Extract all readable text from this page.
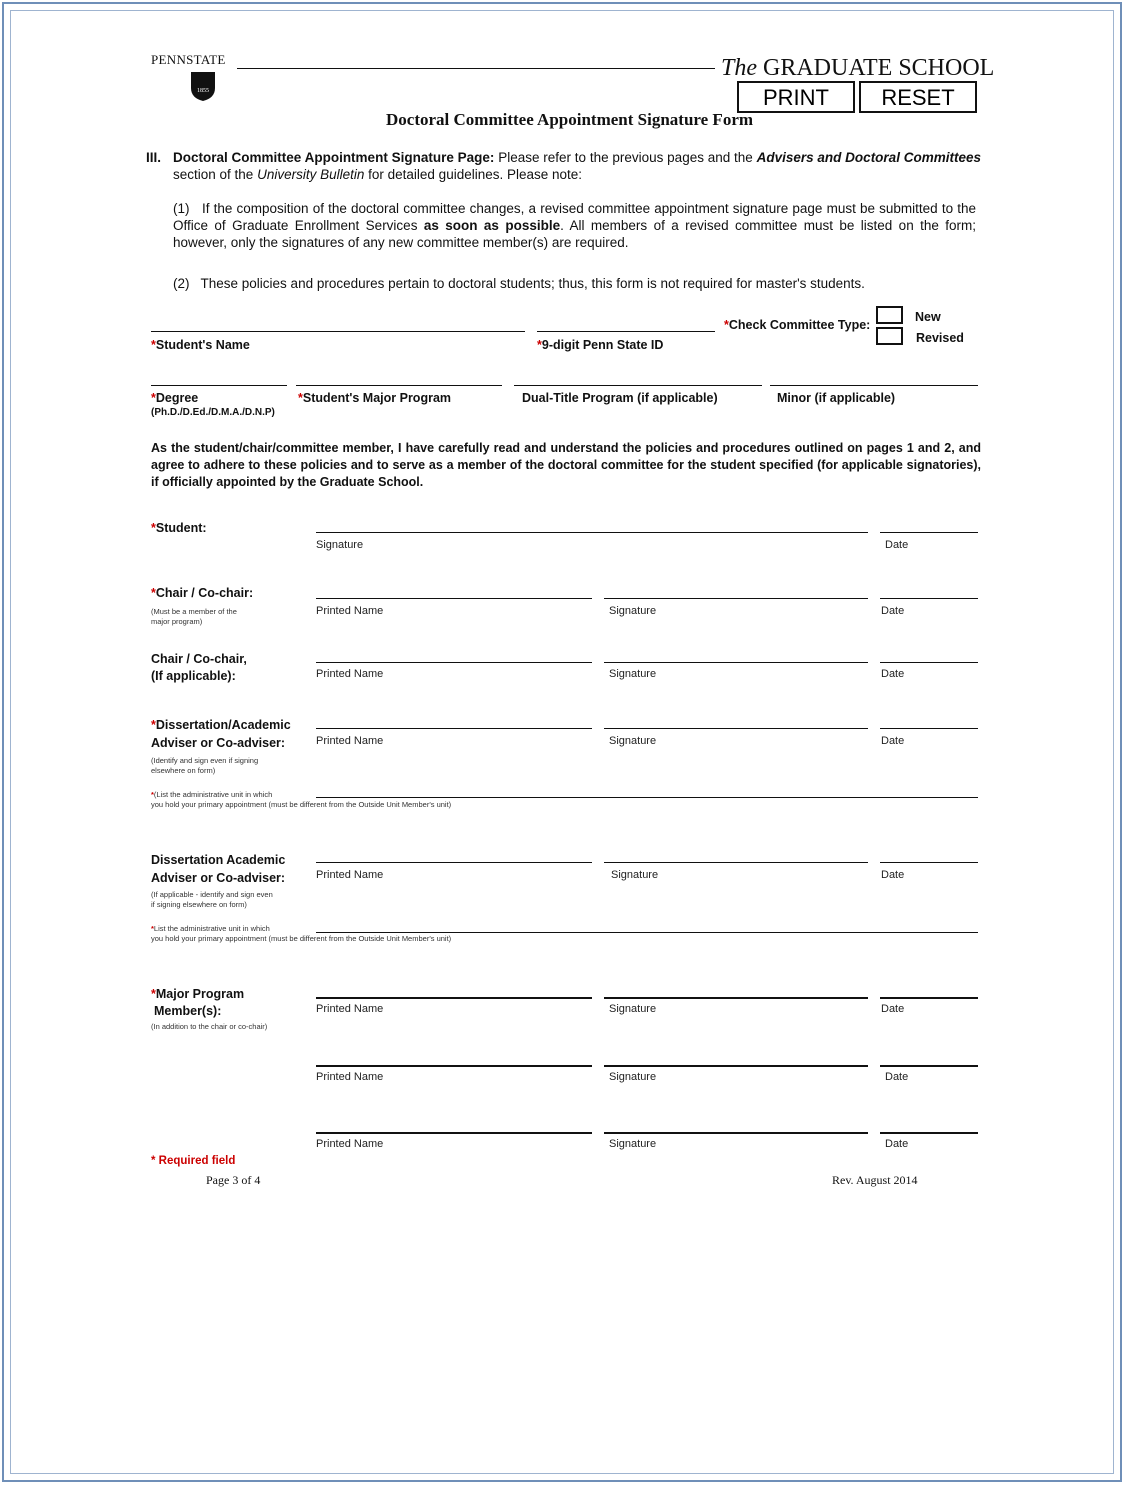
PENNSTATE
1855
The GRADUATE SCHOOL
PRINT	RESET
Doctoral Committee Appointment Signature Form
III. Doctoral Committee Appointment Signature Page: Please refer to the previous pages and the Advisers and Doctoral Committees section of the University Bulletin for detailed guidelines. Please note:
(1) If the composition of the doctoral committee changes, a revised committee appointment signature page must be submitted to the Office of Graduate Enrollment Services as soon as possible. All members of a revised committee must be listed on the form; however, only the signatures of any new committee member(s) are required.
(2) These policies and procedures pertain to doctoral students; thus, this form is not required for master's students.
*Student's Name	*9-digit Penn State ID
*Check Committee Type:
New
Revised
*Degree
(Ph.D./D.Ed./D.M.A./D.N.P)
*Student's Major Program	Dual-Title Program (if applicable)	Minor (if applicable)
As the student/chair/committee member, I have carefully read and understand the policies and procedures outlined on pages 1 and 2, and agree to adhere to these policies and to serve as a member of the doctoral committee for the student specified (for applicable signatories), if officially appointed by the Graduate School.
*Student:
Signature	Date
*Chair / Co-chair:
(Must be a member of the
major program)
Printed Name	Signature	Date
Chair / Co-chair,
(If applicable):	Printed Name	Signature	Date
*Dissertation/Academic
Adviser or Co-adviser:
(Identify and sign even if signing
elsewhere on form)
Printed Name	Signature	Date
*(List the administrative unit in which
you hold your primary appointment (must be different from the Outside Unit Member's unit)
Dissertation Academic
Adviser or Co-adviser:
(If applicable - identify and sign even
if signing elsewhere on form)
Printed Name	Signature	Date
*List the administrative unit in which
you hold your primary appointment (must be different from the Outside Unit Member's unit)
*Major Program
Member(s):
(In addition to the chair or co-chair)
Printed Name	Signature	Date
Printed Name	Signature	Date
Printed Name	Signature	Date
* Required field
Page 3 of 4	Rev. August 2014
